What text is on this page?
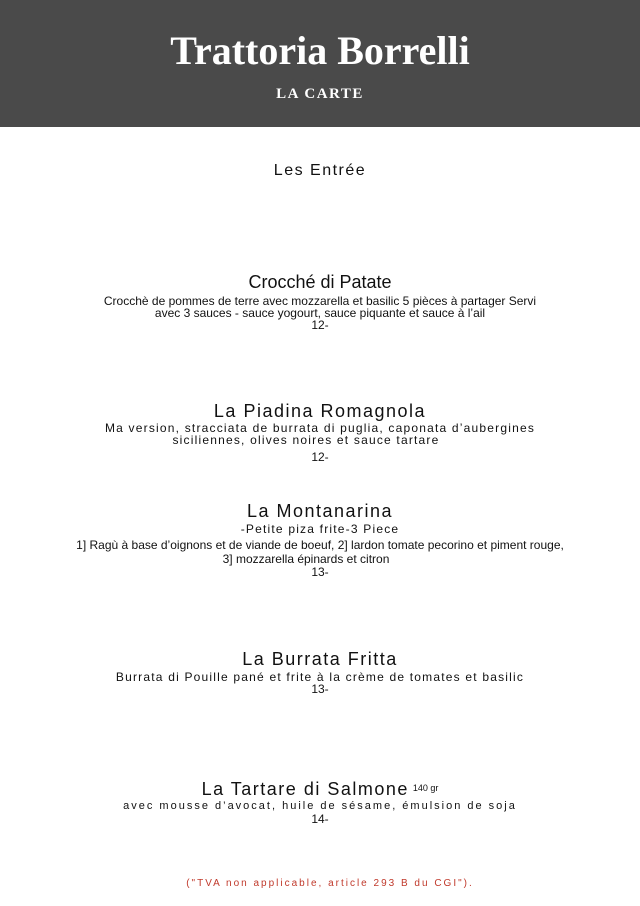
Trattoria Borrelli
LA CARTE
Les Entrée
Crocché di Patate
Crocchè de pommes de terre avec mozzarella et basilic 5 pièces à partager Servi
avec 3 sauces - sauce yogourt, sauce piquante et sauce à l’ail
12-
La Piadina Romagnola
Ma version, stracciata de burrata di puglia, caponata d’aubergines
siciliennes, olives noires et sauce tartare
12-
La Montanarina
-Petite piza frite-3 Piece
1] Ragù à base d’oignons et de viande de boeuf, 2] lardon tomate pecorino et piment rouge,
3] mozzarella épinards et citron
13-
La Burrata Fritta
Burrata di Pouille pané et frite à la crème de tomates et basilic
13-
La Tartare di Salmone $^{140 gr}$
avec mousse d’avocat, huile de sésame, émulsion de soja
14-
("TVA non applicable, article 293 B du CGI").
